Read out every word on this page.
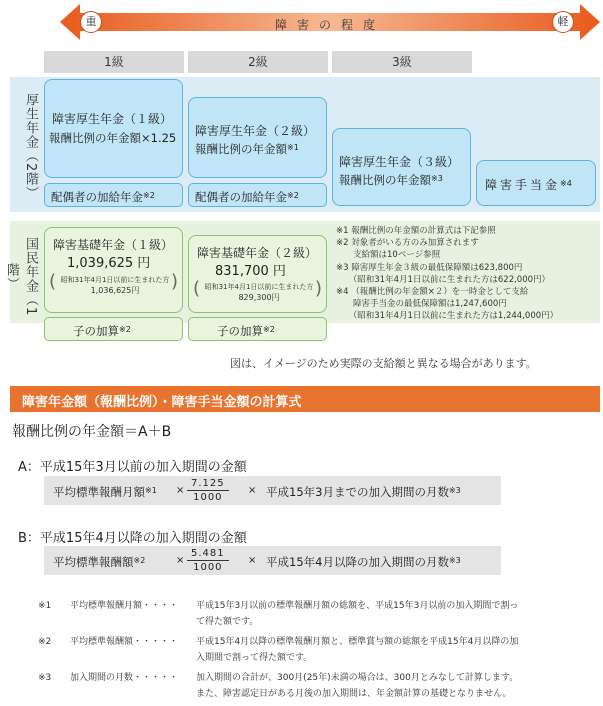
重	障害の程度	軽
1級	2級	3級
厚生年金（2階）
国民年金（1階）
障害厚生年金（１級）
報酬比例の年金額×1.25 障害厚生年金（２級）
報酬比例の年金額$^{※1}$
障害厚生年金（３級）
報酬比例の年金額$^{※3}$	障害手当金$^{※4}$
配偶者の加給年金$^{※2}$	配偶者の加給年金$^{※2}$
障害基礎年金（１級）
1,039,625 円
( 昭和31年4月1日以前に生まれた方
1,036,625円	)
障害基礎年金（２級）
831,700 円
( 昭和31年4月1日以前に生まれた方
829,300円	)
子の加算$^{※2}$	子の加算$^{※2}$
※1 報酬比例の年金額の計算式は下記参照
※2 対象者がいる方のみ加算されます
　　支給額は10ページ参照
※3 障害厚生年金３級の最低保障額は623,800円
　　（昭和31年4月1日以前に生まれた方は622,000円）
※4 （報酬比例の年金額×２）を一時金として支給
　　障害手当金の最低保障額は1,247,600円
　　（昭和31年4月1日以前に生まれた方は1,244,000円）
図は、イメージのため実際の支給額と異なる場合があります。
障害年金額（報酬比例）・障害手当金額の計算式
報酬比例の年金額＝A＋B
A：平成15年3月以前の加入期間の金額
平均標準報酬月額$^{※1} \times \frac{7.125}{1000}$ × 平成15年3月までの加入期間の月数$^{※3}$
B：平成15年4月以降の加入期間の金額
平均標準報酬額$^{※2}$	× $\frac{5.481}{1000}$ × 平成15年4月以降の加入期間の月数$^{※3}$
※1 平均標準報酬月額・・・・ 平成15年3月以前の標準報酬月額の総額を、平成15年3月以前の加入期間で割っ
て得た額です。
※2 平均標準報酬額・・・・・ 平成15年4月以降の標準報酬月額と、標準賞与額の総額を平成15年4月以降の加
入期間で割って得た額です。
※3 加入期間の月数・・・・・ 加入期間の合計が、300月(25年)未満の場合は、300月とみなして計算します。
また、障害認定日がある月後の加入期間は、年金額計算の基礎となりません。
